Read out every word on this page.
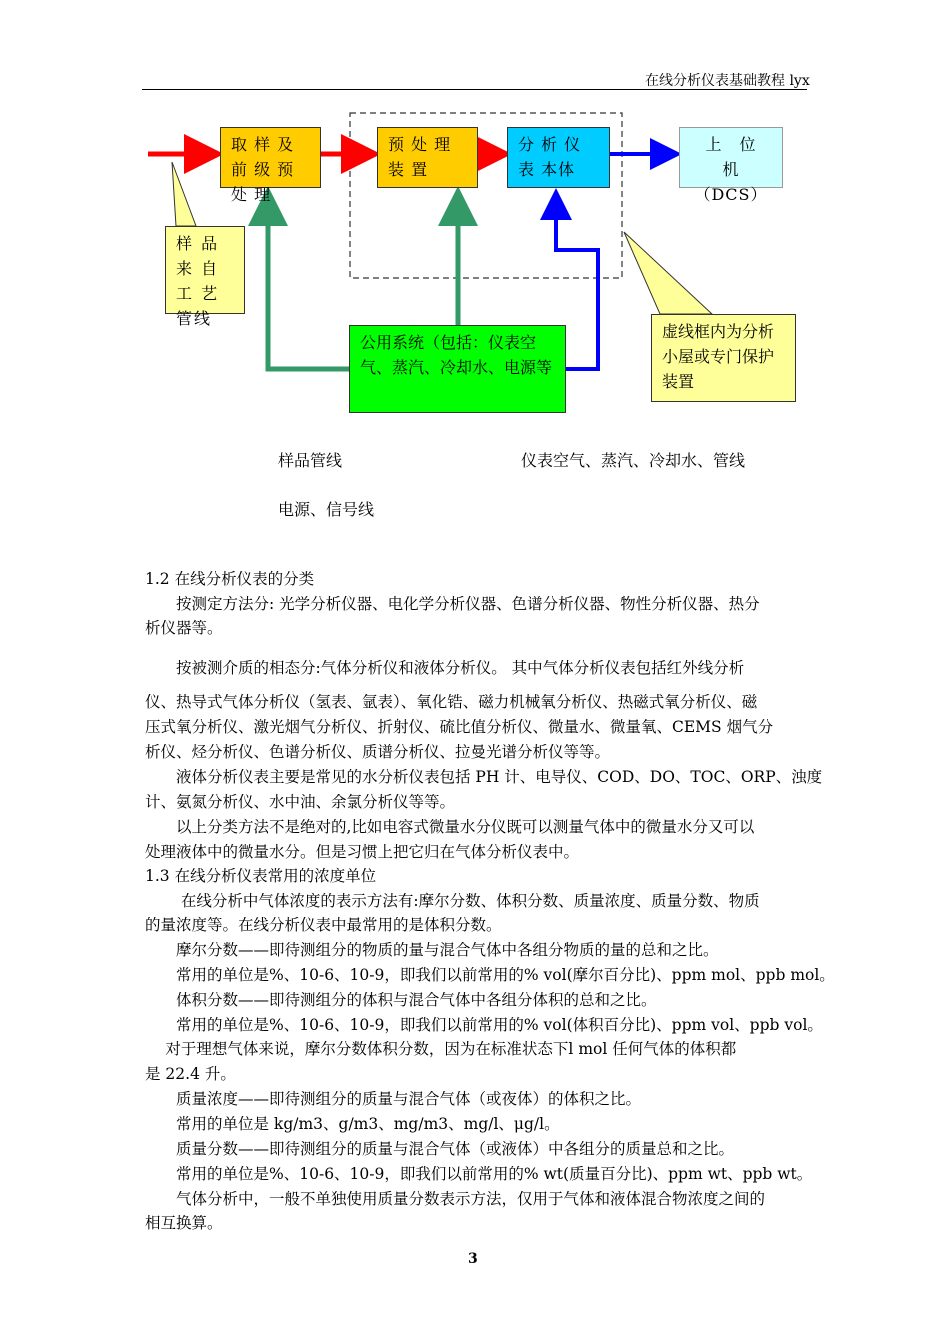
在线分析仪表基础教程 lyx
取 样 及 前 级 预 处 理
预 处 理 装 置
分 析 仪 表 本体
上　位　机
（DCS）
公用系统（包括：仪表空气、蒸汽、冷却水、电源等
样 品 来 自 工 艺 管线
虚线框内为分析小屋或专门保护装置
样品管线	仪表空气、蒸汽、冷却水、管线
电源、信号线
1.2 在线分析仪表的分类
　　按测定方法分: 光学分析仪器、电化学分析仪器、色谱分析仪器、物性分析仪器、热分
析仪器等。
　　按被测介质的相态分:气体分析仪和液体分析仪。 其中气体分析仪表包括红外线分析
仪、热导式气体分析仪（氢表、氩表）、氧化锆、磁力机械氧分析仪、热磁式氧分析仪、磁
压式氧分析仪、激光烟气分析仪、折射仪、硫比值分析仪、微量水、微量氧、CEMS 烟气分
析仪、烃分析仪、色谱分析仪、质谱分析仪、拉曼光谱分析仪等等。
　　液体分析仪表主要是常见的水分析仪表包括 PH 计、电导仪、COD、DO、TOC、ORP、浊度
计、氨氮分析仪、水中油、余氯分析仪等等。
　　以上分类方法不是绝对的,比如电容式微量水分仪既可以测量气体中的微量水分又可以
处理液体中的微量水分。但是习惯上把它归在气体分析仪表中。
1.3 在线分析仪表常用的浓度单位
　　 在线分析中气体浓度的表示方法有:摩尔分数、体积分数、质量浓度、质量分数、物质
的量浓度等。在线分析仪表中最常用的是体积分数。
　　摩尔分数——即待测组分的物质的量与混合气体中各组分物质的量的总和之比。
　　常用的单位是%、10-6、10-9，即我们以前常用的% vol(摩尔百分比)、ppm mol、ppb mol。
　　体积分数——即待测组分的体积与混合气体中各组分体积的总和之比。
　　常用的单位是%、10-6、10-9，即我们以前常用的% vol(体积百分比)、ppm vol、ppb vol。
　 对于理想气体来说，摩尔分数体积分数，因为在标准状态下l mol 任何气体的体积都
是 22.4 升。
　　质量浓度——即待测组分的质量与混合气体（或夜体）的体积之比。
　　常用的单位是 kg/m3、g/m3、mg/m3、mg/l、μg/l。
　　质量分数——即待测组分的质量与混合气体（或液体）中各组分的质量总和之比。
　　常用的单位是%、10-6、10-9，即我们以前常用的% wt(质量百分比)、ppm wt、ppb wt。
　　气体分析中，一般不单独使用质量分数表示方法，仅用于气体和液体混合物浓度之间的
相互换算。
3
